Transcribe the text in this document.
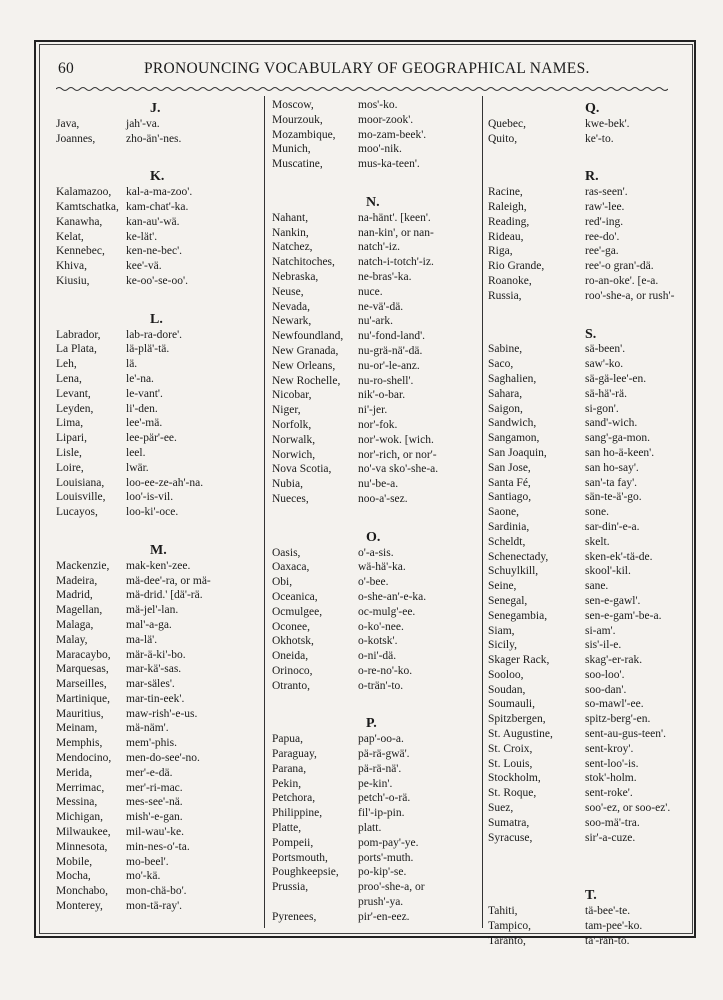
60	PRONOUNCING VOCABULARY OF GEOGRAPHICAL NAMES.
J.
Java,	jah'-va.
Joannes,	zho-än'-nes.
K.
Kalamazoo,	kal-a-ma-zoo'.
Kamtschatka, kam-chat'-ka.
Kanawha,	kan-au'-wä.
Kelat,	ke-lät'.
Kennebec,	ken-ne-bec'.
Khiva,	kee'-vä.
Kiusiu,	ke-oo'-se-oo'.
L.
Labrador,	lab-ra-dore'.
La Plata,	lä-plä'-tä.
Leh,	lä.
Lena,	le'-na.
Levant,	le-vant'.
Leyden,	li'-den.
Lima,	lee'-mä.
Lipari,	lee-pär'-ee.
Lisle,	leel.
Loire,	lwär.
Louisiana,	loo-ee-ze-ah'-na.
Louisville,	loo'-is-vil.
Lucayos,	loo-ki'-oce.
M.
Mackenzie,	mak-ken'-zee.
Madeira,	mä-dee'-ra, or mä-
Madrid,	mä-drid.' [dä'-rä.
Magellan,	mä-jel'-lan.
Malaga,	mal'-a-ga.
Malay,	ma-lä'.
Maracaybo,	mär-ä-ki'-bo.
Marquesas,	mar-kä'-sas.
Marseilles,	mar-säles'.
Martinique,	mar-tin-eek'.
Mauritius,	maw-rish'-e-us.
Meinam,	mä-näm'.
Memphis,	mem'-phis.
Mendocino,	men-do-see'-no.
Merida,	mer'-e-dä.
Merrimac,	mer'-ri-mac.
Messina,	mes-see'-nä.
Michigan,	mish'-e-gan.
Milwaukee,	mil-wau'-ke.
Minnesota,	min-nes-o'-ta.
Mobile,	mo-beel'.
Mocha,	mo'-kä.
Monchabo,	mon-chä-bo'.
Monterey,	mon-tä-ray'.
Moscow,	mos'-ko.
Mourzouk,	moor-zook'.
Mozambique,	mo-zam-beek'.
Munich,	moo'-nik.
Muscatine,	mus-ka-teen'.
N.
Nahant,	na-hänt'. [keen'.
Nankin,	nan-kin', or nan-
Natchez,	natch'-iz.
Natchitoches,	natch-i-totch'-iz.
Nebraska,	ne-bras'-ka.
Neuse,	nuce.
Nevada,	ne-vä'-dä.
Newark,	nu'-ark.
Newfoundland,	nu'-fond-land'.
New Granada,	nu-grä-nä'-dä.
New Orleans,	nu-or'-le-anz.
New Rochelle,	nu-ro-shell'.
Nicobar,	nik'-o-bar.
Niger,	ni'-jer.
Norfolk,	nor'-fok.
Norwalk,	nor'-wok. [wich.
Norwich,	nor'-rich, or nor'-
Nova Scotia,	no'-va sko'-she-a.
Nubia,	nu'-be-a.
Nueces,	noo-a'-sez.
O.
Oasis,	o'-a-sis.
Oaxaca,	wä-hä'-ka.
Obi,	o'-bee.
Oceanica,	o-she-an'-e-ka.
Ocmulgee,	oc-mulg'-ee.
Oconee,	o-ko'-nee.
Okhotsk,	o-kotsk'.
Oneida,	o-ni'-dä.
Orinoco,	o-re-no'-ko.
Otranto,	o-trän'-to.
P.
Papua,	pap'-oo-a.
Paraguay,	pä-rä-gwä'.
Parana,	pä-rä-nä'.
Pekin,	pe-kin'.
Petchora,	petch'-o-rä.
Philippine,	fil'-ip-pin.
Platte,	platt.
Pompeii,	pom-pay'-ye.
Portsmouth,	ports'-muth.
Poughkeepsie,	po-kip'-se.
Prussia,	proo'-she-a, or
prush'-ya.
Pyrenees,	pir'-en-eez.
Q.
Quebec,	kwe-bek'.
Quito,	ke'-to.
R.
Racine,	ras-seen'.
Raleigh,	raw'-lee.
Reading,	red'-ing.
Rideau,	ree-do'.
Riga,	ree'-ga.
Rio Grande,	ree'-o gran'-dä.
Roanoke,	ro-an-oke'. [e-a.
Russia,	roo'-she-a, or rush'-
S.
Sabine,	sä-been'.
Saco,	saw'-ko.
Saghalien,	sä-gä-lee'-en.
Sahara,	sä-hä'-rä.
Saigon,	si-gon'.
Sandwich,	sand'-wich.
Sangamon,	sang'-ga-mon.
San Joaquin,	san ho-ä-keen'.
San Jose,	san ho-say'.
Santa Fé,	san'-ta fay'.
Santiago,	sän-te-ä'-go.
Saone,	sone.
Sardinia,	sar-din'-e-a.
Scheldt,	skelt.
Schenectady,	sken-ek'-tä-de.
Schuylkill,	skool'-kil.
Seine,	sane.
Senegal,	sen-e-gawl'.
Senegambia,	sen-e-gam'-be-a.
Siam,	si-am'.
Sicily,	sis'-il-e.
Skager Rack,	skag'-er-rak.
Sooloo,	soo-loo'.
Soudan,	soo-dan'.
Soumauli,	so-mawl'-ee.
Spitzbergen,	spitz-berg'-en.
St. Augustine,	sent-au-gus-teen'.
St. Croix,	sent-kroy'.
St. Louis,	sent-loo'-is.
Stockholm,	stok'-holm.
St. Roque,	sent-roke'.
Suez,	soo'-ez, or soo-ez'.
Sumatra,	soo-mä'-tra.
Syracuse,	sir'-a-cuze.
T.
Tahiti,	tä-bee'-te.
Tampico,	tam-pee'-ko.
Taranto,	tä'-rän-to.
